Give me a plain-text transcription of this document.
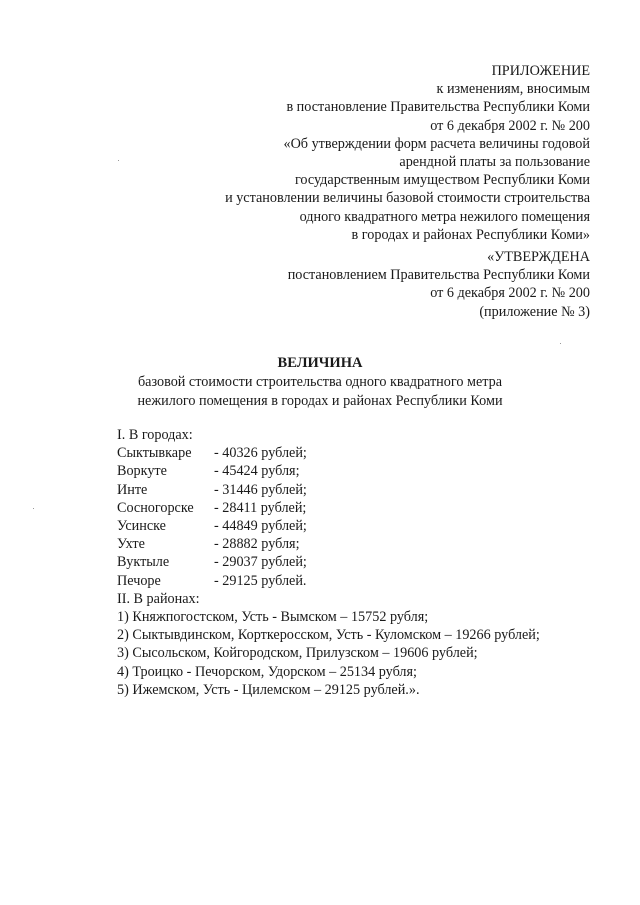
ПРИЛОЖЕНИЕ
к изменениям, вносимым
в постановление Правительства Республики Коми
от 6 декабря 2002 г. № 200
«Об утверждении форм расчета величины годовой
арендной платы за пользование
государственным имуществом Республики Коми
и установлении величины базовой стоимости строительства
одного квадратного метра нежилого помещения
в городах и районах Республики Коми»
«УТВЕРЖДЕНА
постановлением Правительства Республики Коми
от 6 декабря 2002 г. № 200
(приложение № 3)
ВЕЛИЧИНА
базовой стоимости строительства одного квадратного метра
нежилого помещения в городах и районах Республики Коми
I. В городах:
Сыктывкаре	- 40326 рублей;
Воркуте	- 45424 рубля;
Инте	- 31446 рублей;
Сосногорске	- 28411 рублей;
Усинске	- 44849 рублей;
Ухте	- 28882 рубля;
Вуктыле	- 29037 рублей;
Печоре	- 29125 рублей.
II. В районах:
1) Княжпогостском, Усть - Вымском – 15752 рубля;
2) Сыктывдинском, Корткеросском, Усть - Куломском – 19266 рублей;
3) Сысольском, Койгородском, Прилузском – 19606 рублей;
4) Троицко - Печорском, Удорском – 25134 рубля;
5) Ижемском, Усть - Цилемском – 29125 рублей.».
